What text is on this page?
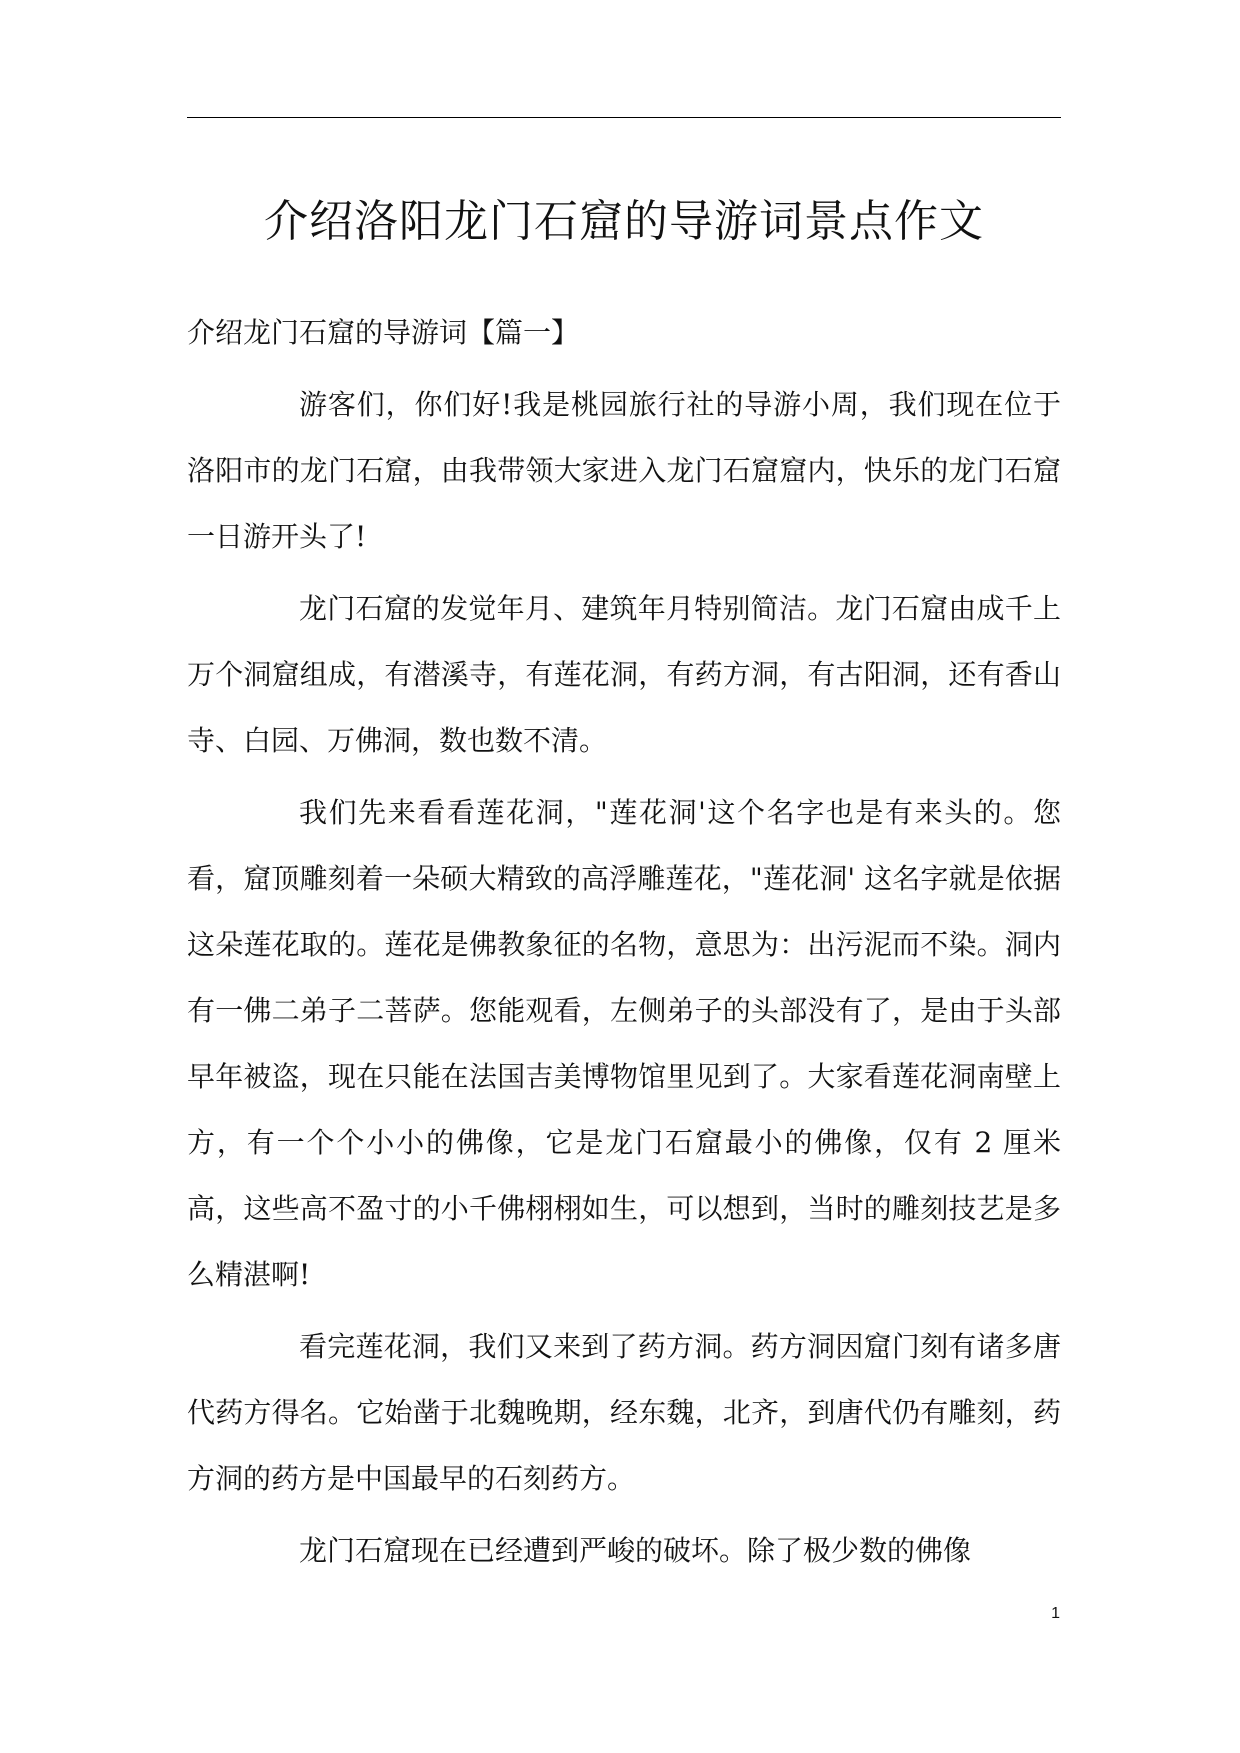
介绍洛阳龙门石窟的导游词景点作文
介绍龙门石窟的导游词【篇一】

游客们，你们好!我是桃园旅行社的导游小周，我们现在位于洛阳市的龙门石窟，由我带领大家进入龙门石窟窟内，快乐的龙门石窟一日游开头了!

龙门石窟的发觉年月、建筑年月特别简洁。龙门石窟由成千上万个洞窟组成，有潜溪寺，有莲花洞，有药方洞，有古阳洞，还有香山寺、白园、万佛洞，数也数不清。

我们先来看看莲花洞，"莲花洞'这个名字也是有来头的。您看，窟顶雕刻着一朵硕大精致的高浮雕莲花，"莲花洞' 这名字就是依据这朵莲花取的。莲花是佛教象征的名物，意思为：出污泥而不染。洞内有一佛二弟子二菩萨。您能观看，左侧弟子的头部没有了，是由于头部早年被盗，现在只能在法国吉美博物馆里见到了。大家看莲花洞南壁上方，有一个个小小的佛像，它是龙门石窟最小的佛像，仅有 2 厘米高，这些高不盈寸的小千佛栩栩如生，可以想到，当时的雕刻技艺是多么精湛啊!

看完莲花洞，我们又来到了药方洞。药方洞因窟门刻有诸多唐代药方得名。它始凿于北魏晚期，经东魏，北齐，到唐代仍有雕刻，药方洞的药方是中国最早的石刻药方。

龙门石窟现在已经遭到严峻的破坏。除了极少数的佛像

1
